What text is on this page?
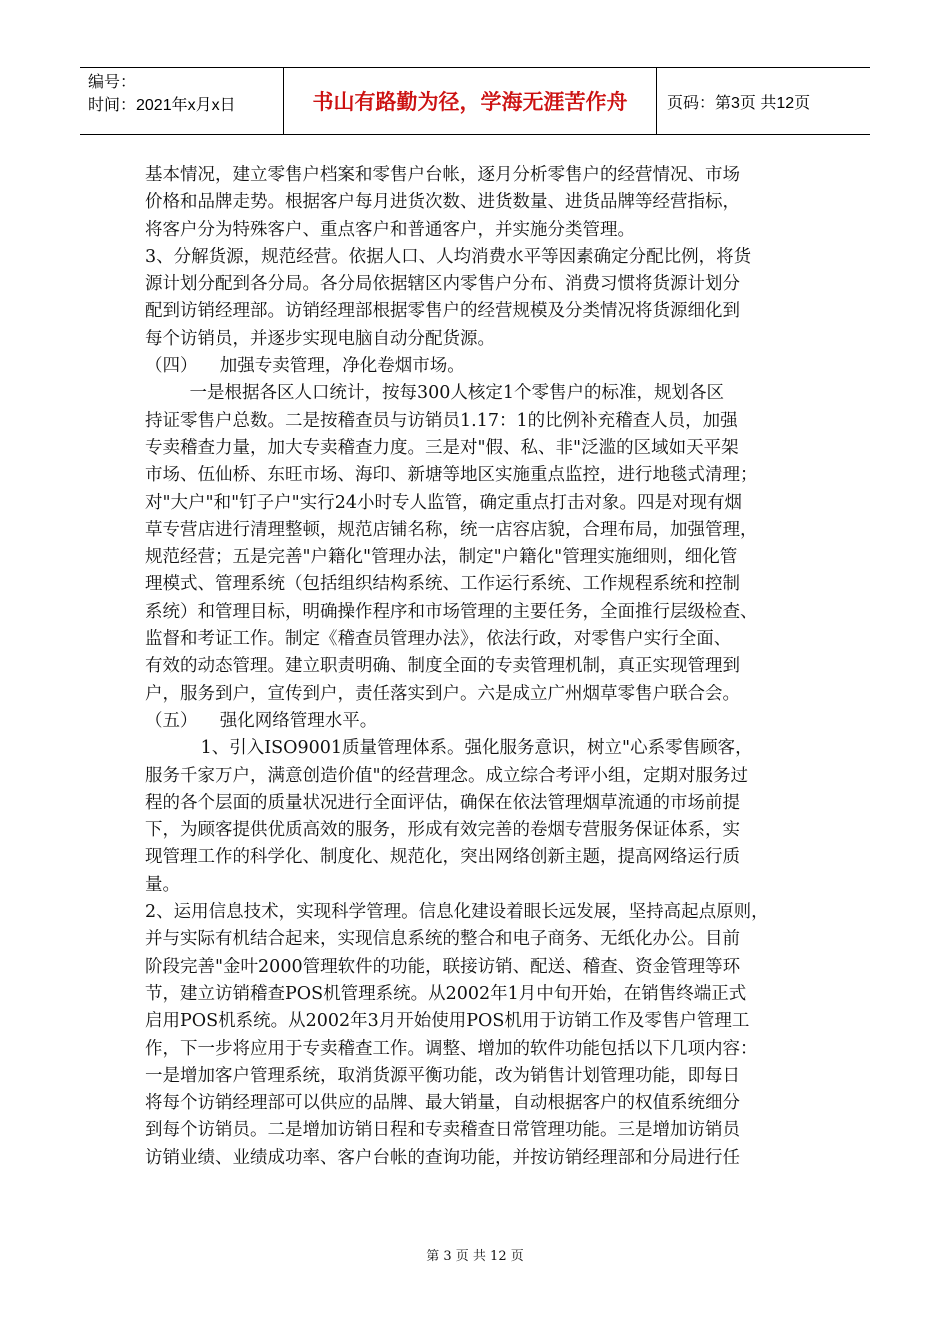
编号：
时间：2021年x月x日	书山有路勤为径，学海无涯苦作舟	页码：第3页 共12页
基本情况，建立零售户档案和零售户台帐，逐月分析零售户的经营情况、市场
价格和品牌走势。根据客户每月进货次数、进货数量、进货品牌等经营指标，
将客户分为特殊客户、重点客户和普通客户，并实施分类管理。
3、分解货源，规范经营。依据人口、人均消费水平等因素确定分配比例，将货
源计划分配到各分局。各分局依据辖区内零售户分布、消费习惯将货源计划分
配到访销经理部。访销经理部根据零售户的经营规模及分类情况将货源细化到
每个访销员，并逐步实现电脑自动分配货源。
（四）    加强专卖管理，净化卷烟市场。
一是根据各区人口统计，按每300人核定1个零售户的标准，规划各区
持证零售户总数。二是按稽查员与访销员1.17：1的比例补充稽查人员，加强
专卖稽查力量，加大专卖稽查力度。三是对"假、私、非"泛滥的区域如天平架
市场、伍仙桥、东旺市场、海印、新塘等地区实施重点监控，进行地毯式清理；
对"大户"和"钉子户"实行24小时专人监管，确定重点打击对象。四是对现有烟
草专营店进行清理整顿，规范店铺名称，统一店容店貌，合理布局，加强管理，
规范经营；五是完善"户籍化"管理办法，制定"户籍化"管理实施细则，细化管
理模式、管理系统（包括组织结构系统、工作运行系统、工作规程系统和控制
系统）和管理目标，明确操作程序和市场管理的主要任务，全面推行层级检查、
监督和考证工作。制定《稽查员管理办法》，依法行政，对零售户实行全面、
有效的动态管理。建立职责明确、制度全面的专卖管理机制，真正实现管理到
户，服务到户，宣传到户，责任落实到户。六是成立广州烟草零售户联合会。
（五）    强化网络管理水平。
1、引入ISO9001质量管理体系。强化服务意识，树立"心系零售顾客，
服务千家万户，满意创造价值"的经营理念。成立综合考评小组，定期对服务过
程的各个层面的质量状况进行全面评估，确保在依法管理烟草流通的市场前提
下，为顾客提供优质高效的服务，形成有效完善的卷烟专营服务保证体系，实
现管理工作的科学化、制度化、规范化，突出网络创新主题，提高网络运行质
量。
2、运用信息技术，实现科学管理。信息化建设着眼长远发展，坚持高起点原则，
并与实际有机结合起来，实现信息系统的整合和电子商务、无纸化办公。目前
阶段完善"金叶2000管理软件的功能，联接访销、配送、稽查、资金管理等环
节，建立访销稽查POS机管理系统。从2002年1月中旬开始，在销售终端正式
启用POS机系统。从2002年3月开始使用POS机用于访销工作及零售户管理工
作，下一步将应用于专卖稽查工作。调整、增加的软件功能包括以下几项内容：
一是增加客户管理系统，取消货源平衡功能，改为销售计划管理功能，即每日
将每个访销经理部可以供应的品牌、最大销量，自动根据客户的权值系统细分
到每个访销员。二是增加访销日程和专卖稽查日常管理功能。三是增加访销员
访销业绩、业绩成功率、客户台帐的查询功能，并按访销经理部和分局进行任
第 3 页 共 12 页
